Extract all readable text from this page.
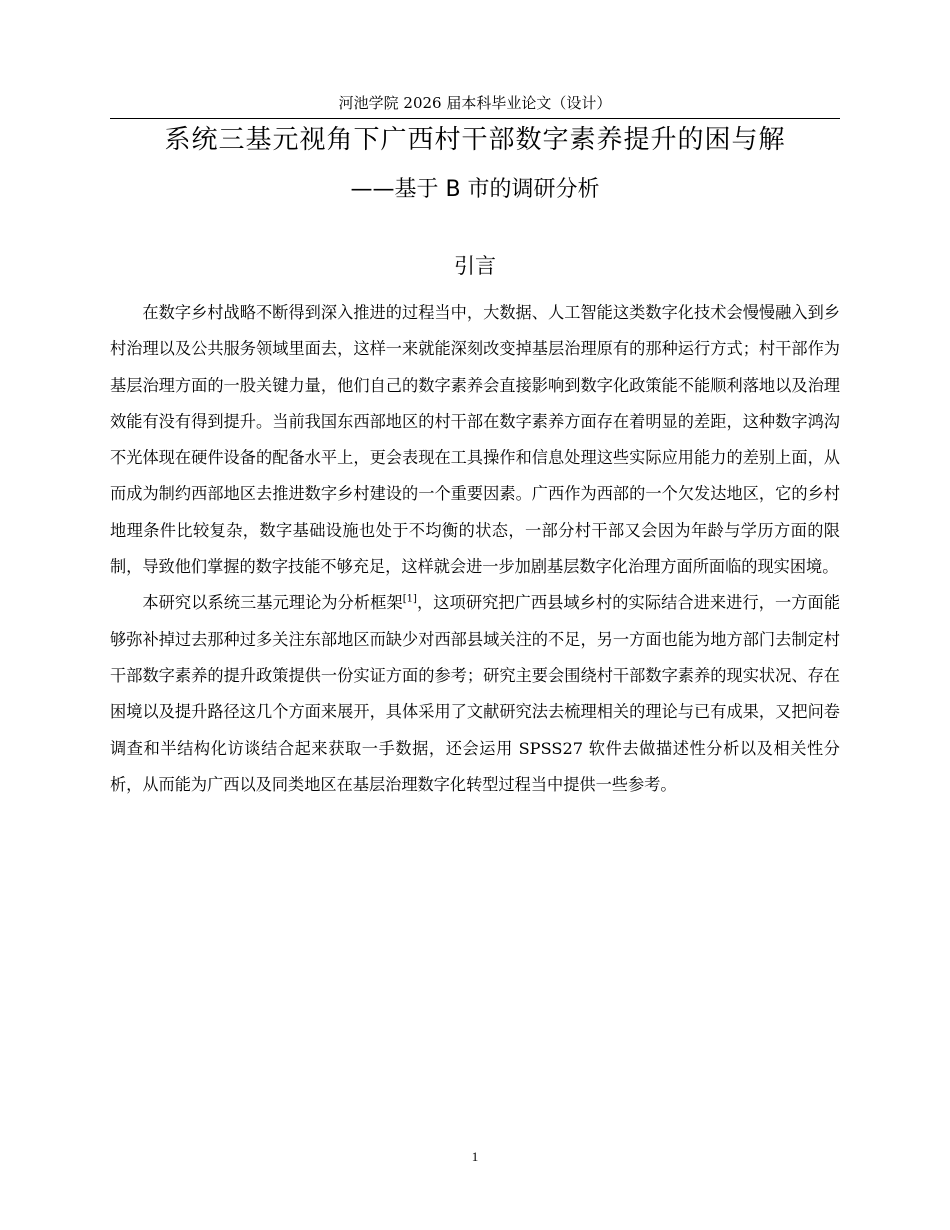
河池学院 2026 届本科毕业论文（设计）
系统三基元视角下广西村干部数字素养提升的困与解
——基于 B 市的调研分析
引言

在数字乡村战略不断得到深入推进的过程当中，大数据、人工智能这类数字化技术会慢慢融入到乡村治理以及公共服务领域里面去，这样一来就能深刻改变掉基层治理原有的那种运行方式；村干部作为基层治理方面的一股关键力量，他们自己的数字素养会直接影响到数字化政策能不能顺利落地以及治理效能有没有得到提升。当前我国东西部地区的村干部在数字素养方面存在着明显的差距，这种数字鸿沟不光体现在硬件设备的配备水平上，更会表现在工具操作和信息处理这些实际应用能力的差别上面，从而成为制约西部地区去推进数字乡村建设的一个重要因素。广西作为西部的一个欠发达地区，它的乡村地理条件比较复杂，数字基础设施也处于不均衡的状态，一部分村干部又会因为年龄与学历方面的限制，导致他们掌握的数字技能不够充足，这样就会进一步加剧基层数字化治理方面所面临的现实困境。

本研究以系统三基元理论为分析框架[1]，这项研究把广西县域乡村的实际结合进来进行，一方面能够弥补掉过去那种过多关注东部地区而缺少对西部县域关注的不足，另一方面也能为地方部门去制定村干部数字素养的提升政策提供一份实证方面的参考；研究主要会围绕村干部数字素养的现实状况、存在困境以及提升路径这几个方面来展开，具体采用了文献研究法去梳理相关的理论与已有成果，又把问卷调查和半结构化访谈结合起来获取一手数据，还会运用 SPSS27 软件去做描述性分析以及相关性分析，从而能为广西以及同类地区在基层治理数字化转型过程当中提供一些参考。

1
